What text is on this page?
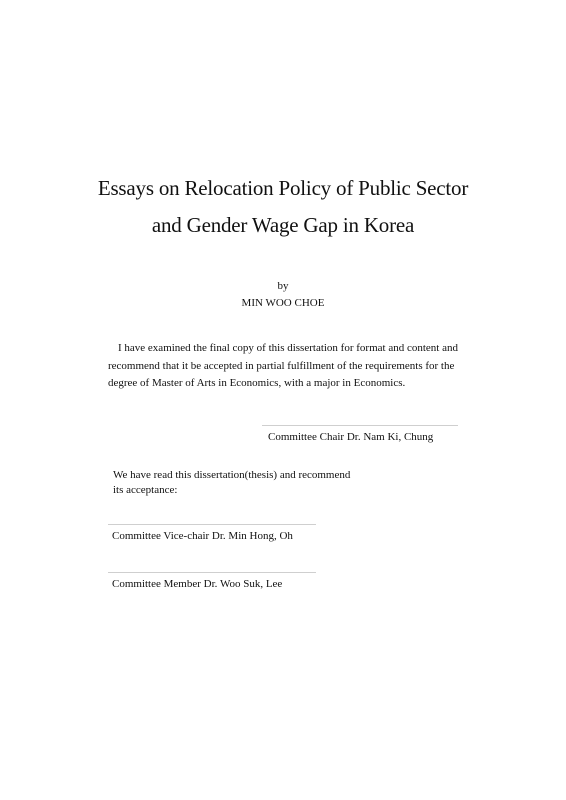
Essays on Relocation Policy of Public Sector
and Gender Wage Gap in Korea
by
MIN WOO CHOE
I have examined the final copy of this dissertation for format and content and recommend that it be accepted in partial fulfillment of the requirements for the degree of Master of Arts in Economics, with a major in Economics.
Committee Chair Dr. Nam Ki, Chung
We have read this dissertation(thesis) and recommend
its acceptance:
Committee Vice-chair Dr. Min Hong, Oh
Committee Member Dr. Woo Suk, Lee
